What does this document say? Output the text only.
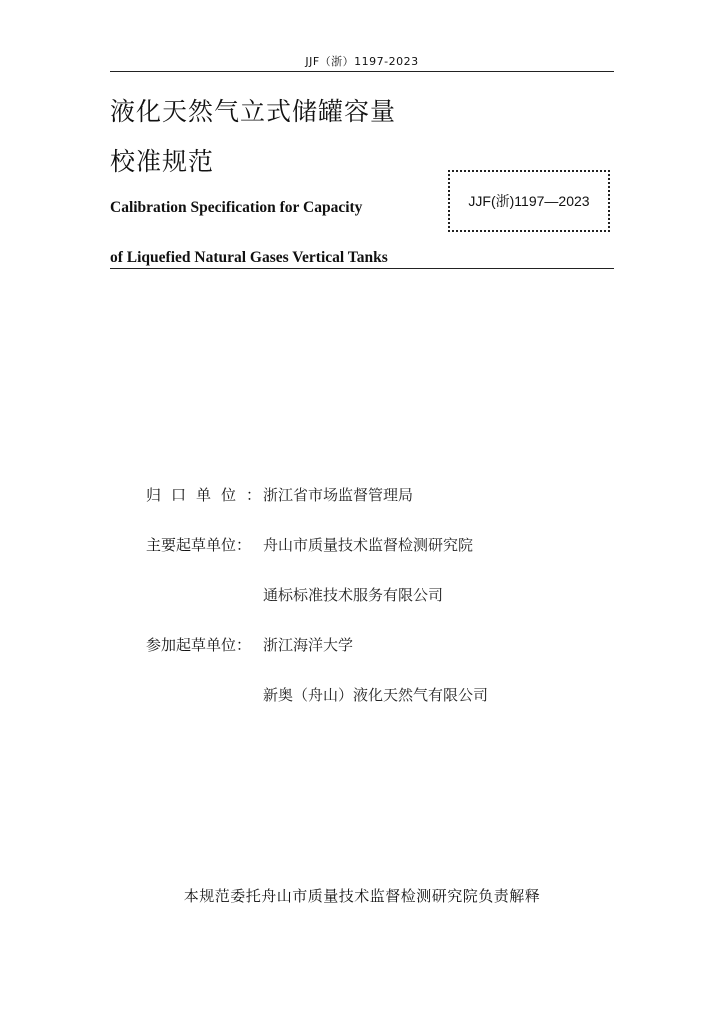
JJF（浙）1197-2023
液化天然气立式储罐容量
校准规范
Calibration Specification for Capacity
of Liquefied Natural Gases Vertical Tanks
JJF(浙)1197—2023
归口单位：
浙江省市场监督管理局
主要起草单位： 舟山市质量技术监督检测研究院
通标标准技术服务有限公司
参加起草单位： 浙江海洋大学
新奥（舟山）液化天然气有限公司
本规范委托舟山市质量技术监督检测研究院负责解释
